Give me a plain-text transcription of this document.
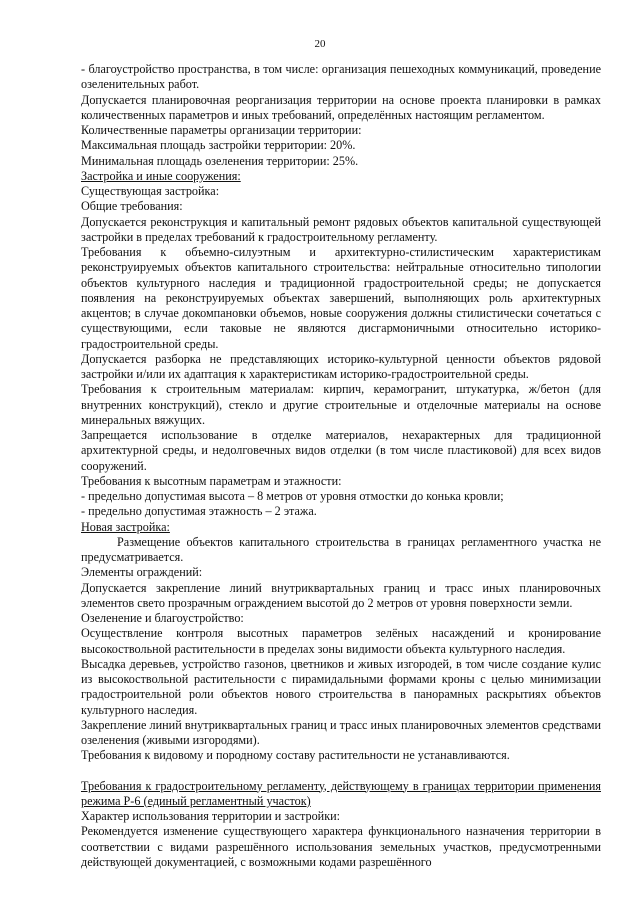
20

- благоустройство пространства, в том числе: организация пешеходных коммуникаций, проведение озеленительных работ.

Допускается планировочная реорганизация территории на основе проекта планировки в рамках количественных параметров и иных требований, определённых настоящим регламентом.

Количественные параметры организации территории:

Максимальная площадь застройки территории: 20%.

Минимальная площадь озеленения территории: 25%.

Застройка и иные сооружения:

Существующая застройка:

Общие требования:

Допускается реконструкция и капитальный ремонт рядовых объектов капитальной существующей застройки в пределах требований к градостроительному регламенту.

Требования к объемно-силуэтным и архитектурно-стилистическим характеристикам реконструируемых объектов капитального строительства: нейтральные относительно типологии объектов культурного наследия и традиционной градостроительной среды; не допускается появления на реконструируемых объектах завершений, выполняющих роль архитектурных акцентов; в случае докомпановки объемов, новые сооружения должны стилистически сочетаться с существующими, если таковые не являются дисгармоничными относительно историко-градостроительной среды.

Допускается разборка не представляющих историко-культурной ценности объектов рядовой застройки и/или их адаптация к характеристикам историко-градостроительной среды.

Требования к строительным материалам: кирпич, керамогранит, штукатурка, ж/бетон (для внутренних конструкций), стекло и другие строительные и отделочные материалы на основе минеральных вяжущих.

Запрещается использование в отделке материалов, нехарактерных для традиционной архитектурной среды, и недолговечных видов отделки (в том числе пластиковой) для всех видов сооружений.

Требования к высотным параметрам и этажности:

- предельно допустимая высота – 8 метров от уровня отмостки до конька кровли;

- предельно допустимая этажность – 2 этажа.

Новая застройка:

Размещение объектов капитального строительства в границах регламентного участка не предусматривается.

Элементы ограждений:

Допускается закрепление линий внутриквартальных границ и трасс иных планировочных элементов свето прозрачным ограждением высотой до 2 метров от уровня поверхности земли.

Озеленение и благоустройство:

Осуществление контроля высотных параметров зелёных насаждений и кронирование высокоствольной растительности в пределах зоны видимости объекта культурного наследия.

Высадка деревьев, устройство газонов, цветников и живых изгородей, в том числе создание кулис из высокоствольной растительности с пирамидальными формами кроны с целью минимизации градостроительной роли объектов нового строительства в панорамных раскрытиях объектов культурного наследия.

Закрепление линий внутриквартальных границ и трасс иных планировочных элементов средствами озеленения (живыми изгородями).

Требования к видовому и породному составу растительности не устанавливаются.

Требования к градостроительному регламенту, действующему в границах территории применения режима Р-6 (единый регламентный участок)

Характер использования территории и застройки:

Рекомендуется изменение существующего характера функционального назначения территории в соответствии с видами разрешённого использования земельных участков, предусмотренными действующей документацией, с возможными кодами разрешённого
